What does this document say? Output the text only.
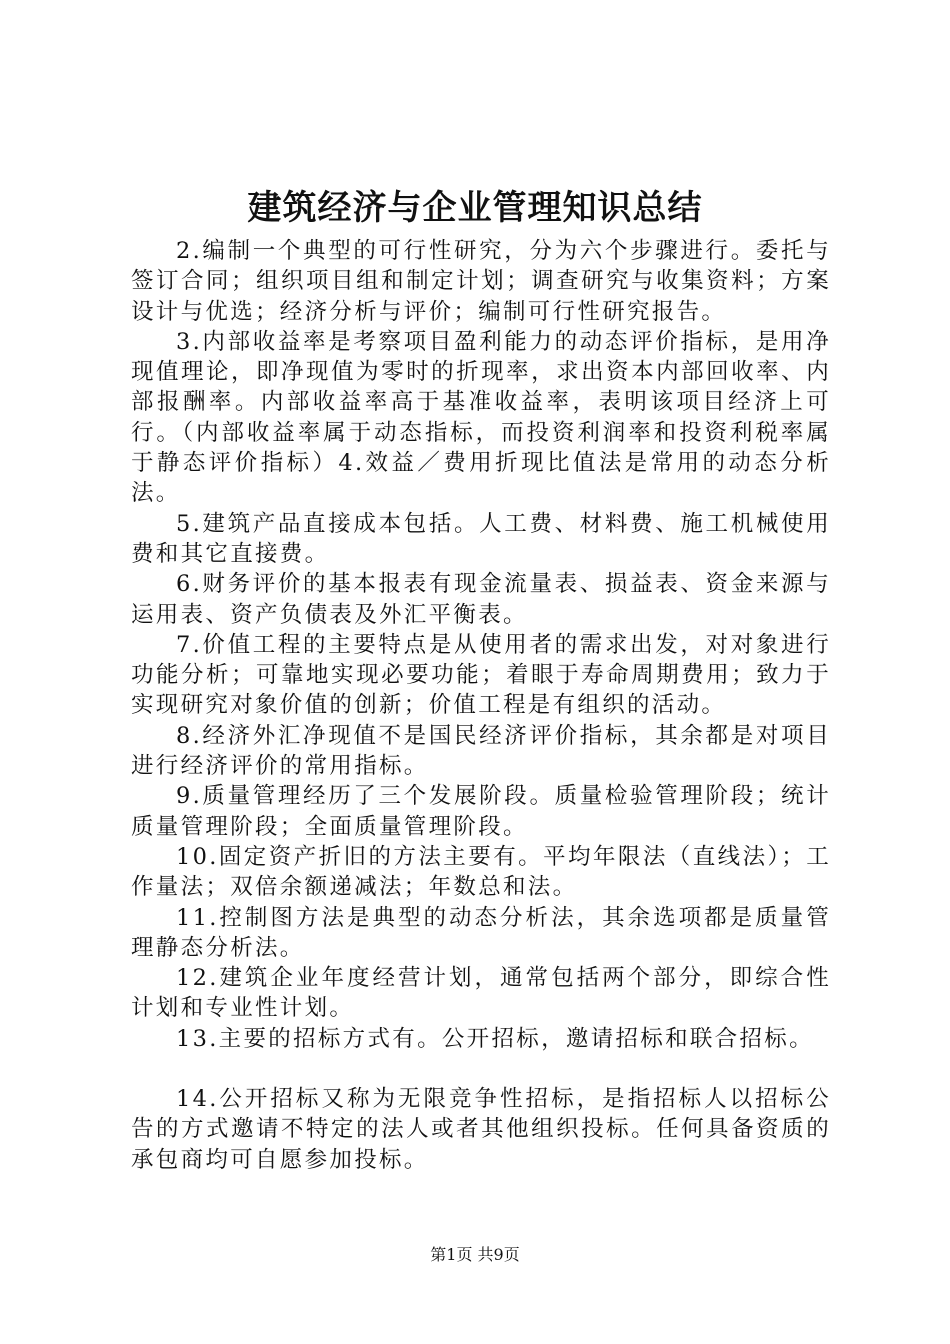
建筑经济与企业管理知识总结

2.编制一个典型的可行性研究，分为六个步骤进行。委托与签订合同；组织项目组和制定计划；调查研究与收集资料；方案设计与优选；经济分析与评价；编制可行性研究报告。

3.内部收益率是考察项目盈利能力的动态评价指标，是用净现值理论，即净现值为零时的折现率，求出资本内部回收率、内部报酬率。内部收益率高于基准收益率，表明该项目经济上可行。（内部收益率属于动态指标，而投资利润率和投资利税率属于静态评价指标）4.效益／费用折现比值法是常用的动态分析法。

5.建筑产品直接成本包括。人工费、材料费、施工机械使用费和其它直接费。

6.财务评价的基本报表有现金流量表、损益表、资金来源与运用表、资产负债表及外汇平衡表。

7.价值工程的主要特点是从使用者的需求出发，对对象进行功能分析；可靠地实现必要功能；着眼于寿命周期费用；致力于实现研究对象价值的创新；价值工程是有组织的活动。

8.经济外汇净现值不是国民经济评价指标，其余都是对项目进行经济评价的常用指标。

9.质量管理经历了三个发展阶段。质量检验管理阶段；统计质量管理阶段；全面质量管理阶段。

10.固定资产折旧的方法主要有。平均年限法（直线法）；工作量法；双倍余额递减法；年数总和法。

11.控制图方法是典型的动态分析法，其余选项都是质量管理静态分析法。

12.建筑企业年度经营计划，通常包括两个部分，即综合性计划和专业性计划。

13.主要的招标方式有。公开招标，邀请招标和联合招标。

14.公开招标又称为无限竞争性招标，是指招标人以招标公告的方式邀请不特定的法人或者其他组织投标。任何具备资质的承包商均可自愿参加投标。

第1页 共9页
